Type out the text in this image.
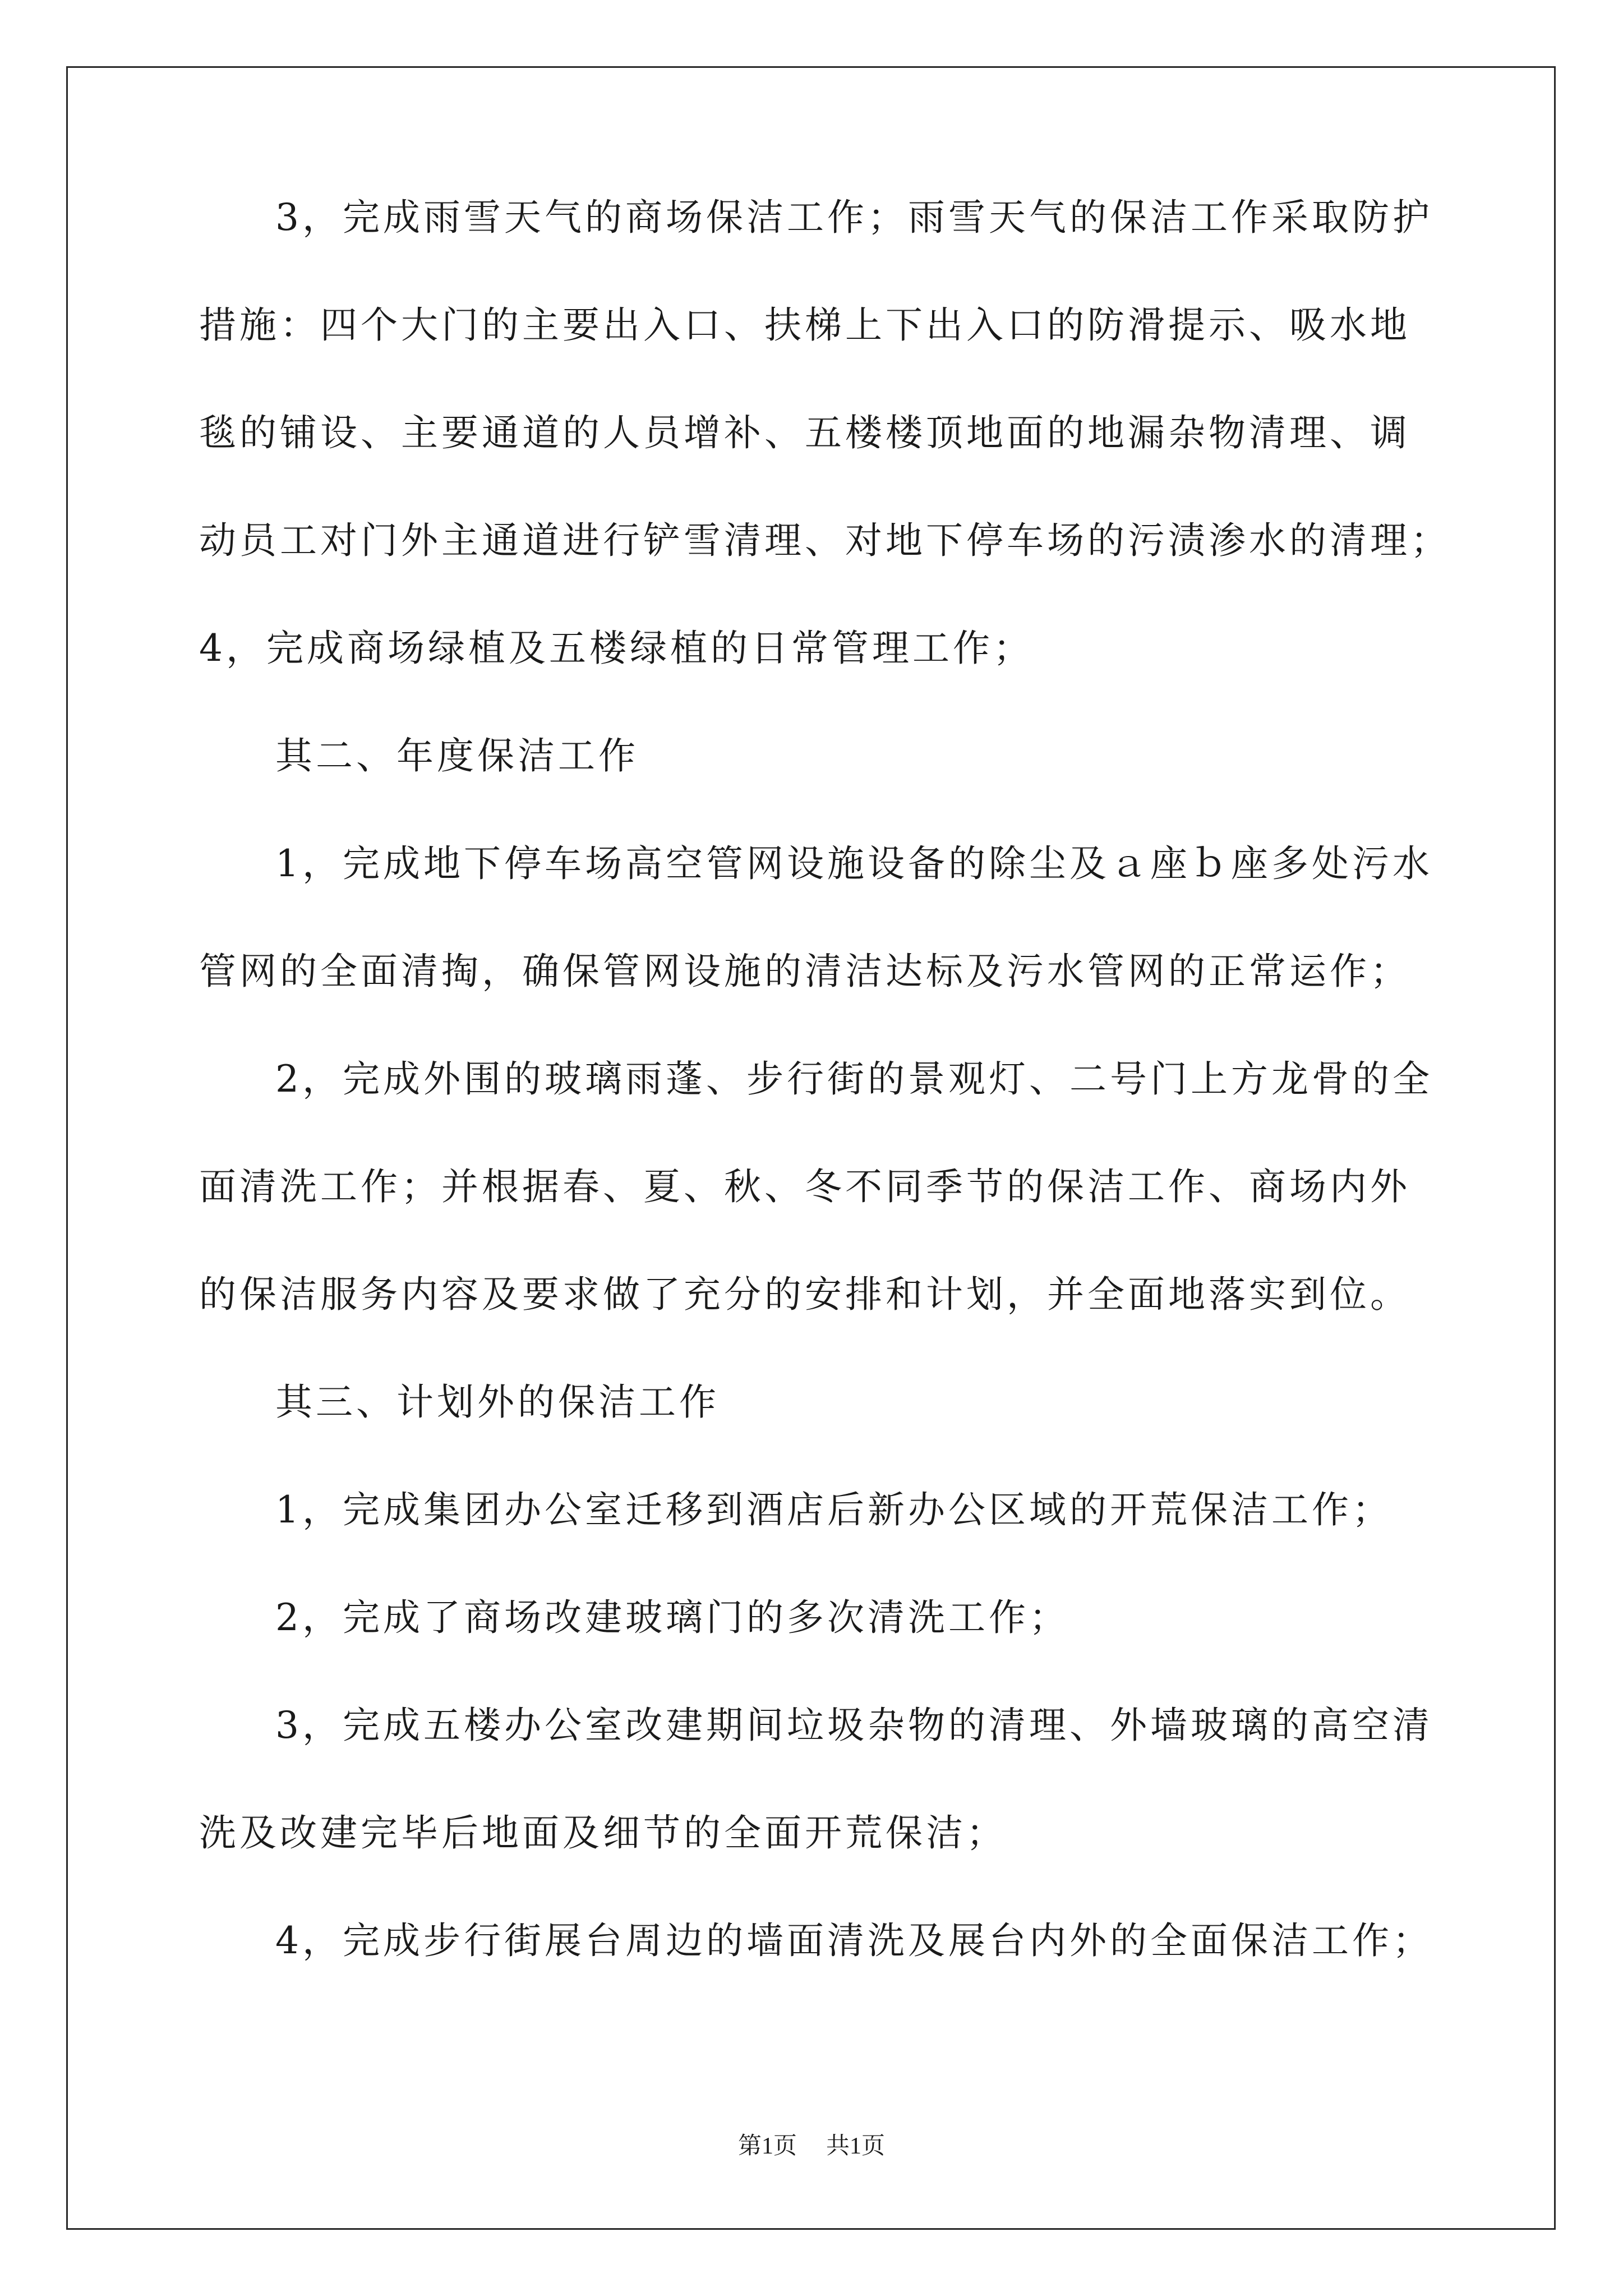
3，完成雨雪天气的商场保洁工作；雨雪天气的保洁工作采取防护

措施：四个大门的主要出入口、扶梯上下出入口的防滑提示、吸水地

毯的铺设、主要通道的人员增补、五楼楼顶地面的地漏杂物清理、调

动员工对门外主通道进行铲雪清理、对地下停车场的污渍渗水的清理；

4，完成商场绿植及五楼绿植的日常管理工作；

其二、年度保洁工作

1，完成地下停车场高空管网设施设备的除尘及ａ座ｂ座多处污水

管网的全面清掏，确保管网设施的清洁达标及污水管网的正常运作；

2，完成外围的玻璃雨蓬、步行街的景观灯、二号门上方龙骨的全

面清洗工作；并根据春、夏、秋、冬不同季节的保洁工作、商场内外

的保洁服务内容及要求做了充分的安排和计划，并全面地落实到位。

其三、计划外的保洁工作

1，完成集团办公室迁移到酒店后新办公区域的开荒保洁工作；

2，完成了商场改建玻璃门的多次清洗工作；

3，完成五楼办公室改建期间垃圾杂物的清理、外墙玻璃的高空清

洗及改建完毕后地面及细节的全面开荒保洁；

4，完成步行街展台周边的墙面清洗及展台内外的全面保洁工作；

第1页 共1页
